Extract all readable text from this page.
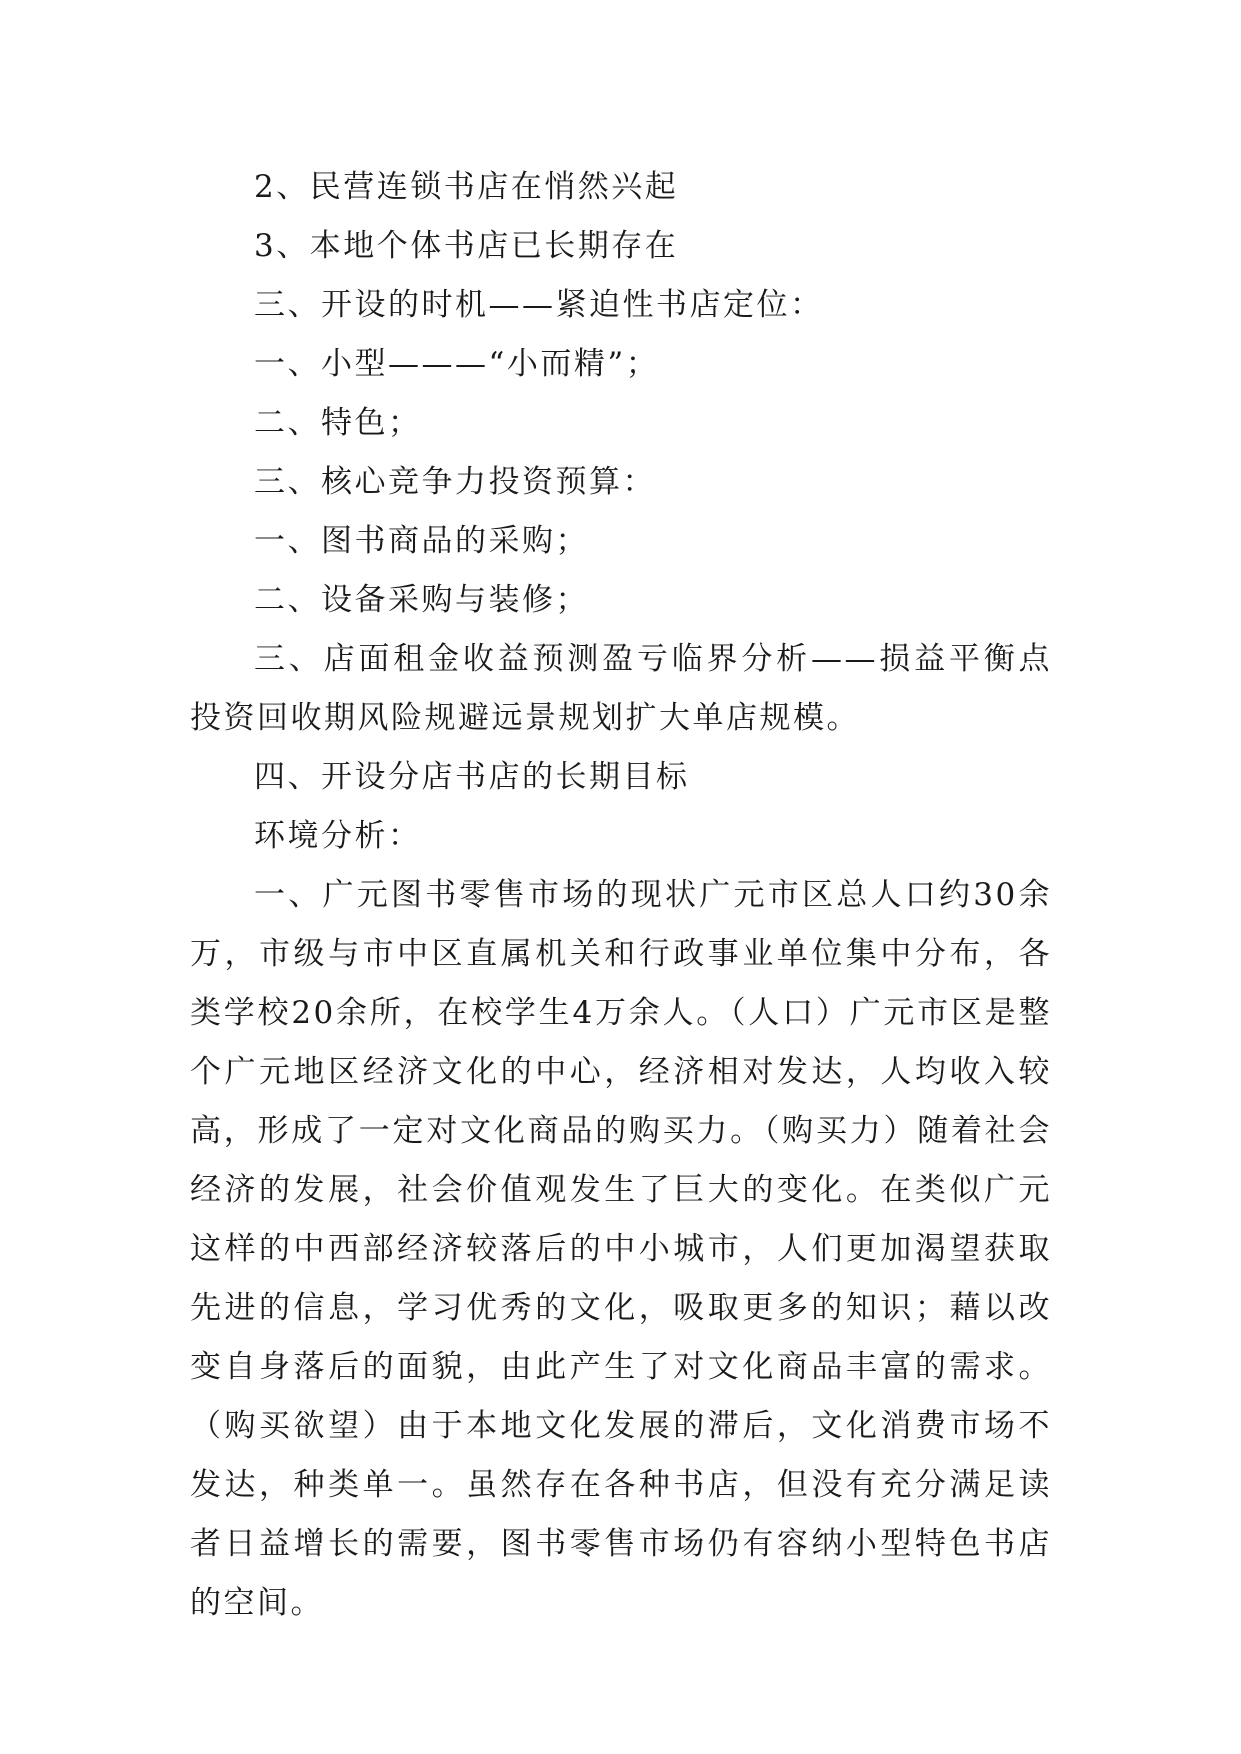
2、民营连锁书店在悄然兴起

3、本地个体书店已长期存在

三、开设的时机——紧迫性书店定位：

一、小型———“小而精”；

二、特色；

三、核心竞争力投资预算：

一、图书商品的采购；

二、设备采购与装修；

三、店面租金收益预测盈亏临界分析——损益平衡点投资回收期风险规避远景规划扩大单店规模。

四、开设分店书店的长期目标

环境分析：

一、广元图书零售市场的现状广元市区总人口约30余万，市级与市中区直属机关和行政事业单位集中分布，各类学校20余所，在校学生4万余人。（人口）广元市区是整个广元地区经济文化的中心，经济相对发达，人均收入较高，形成了一定对文化商品的购买力。（购买力）随着社会经济的发展，社会价值观发生了巨大的变化。在类似广元这样的中西部经济较落后的中小城市，人们更加渴望获取先进的信息，学习优秀的文化，吸取更多的知识；藉以改变自身落后的面貌，由此产生了对文化商品丰富的需求。（购买欲望）由于本地文化发展的滞后，文化消费市场不发达，种类单一。虽然存在各种书店，但没有充分满足读者日益增长的需要，图书零售市场仍有容纳小型特色书店的空间。
